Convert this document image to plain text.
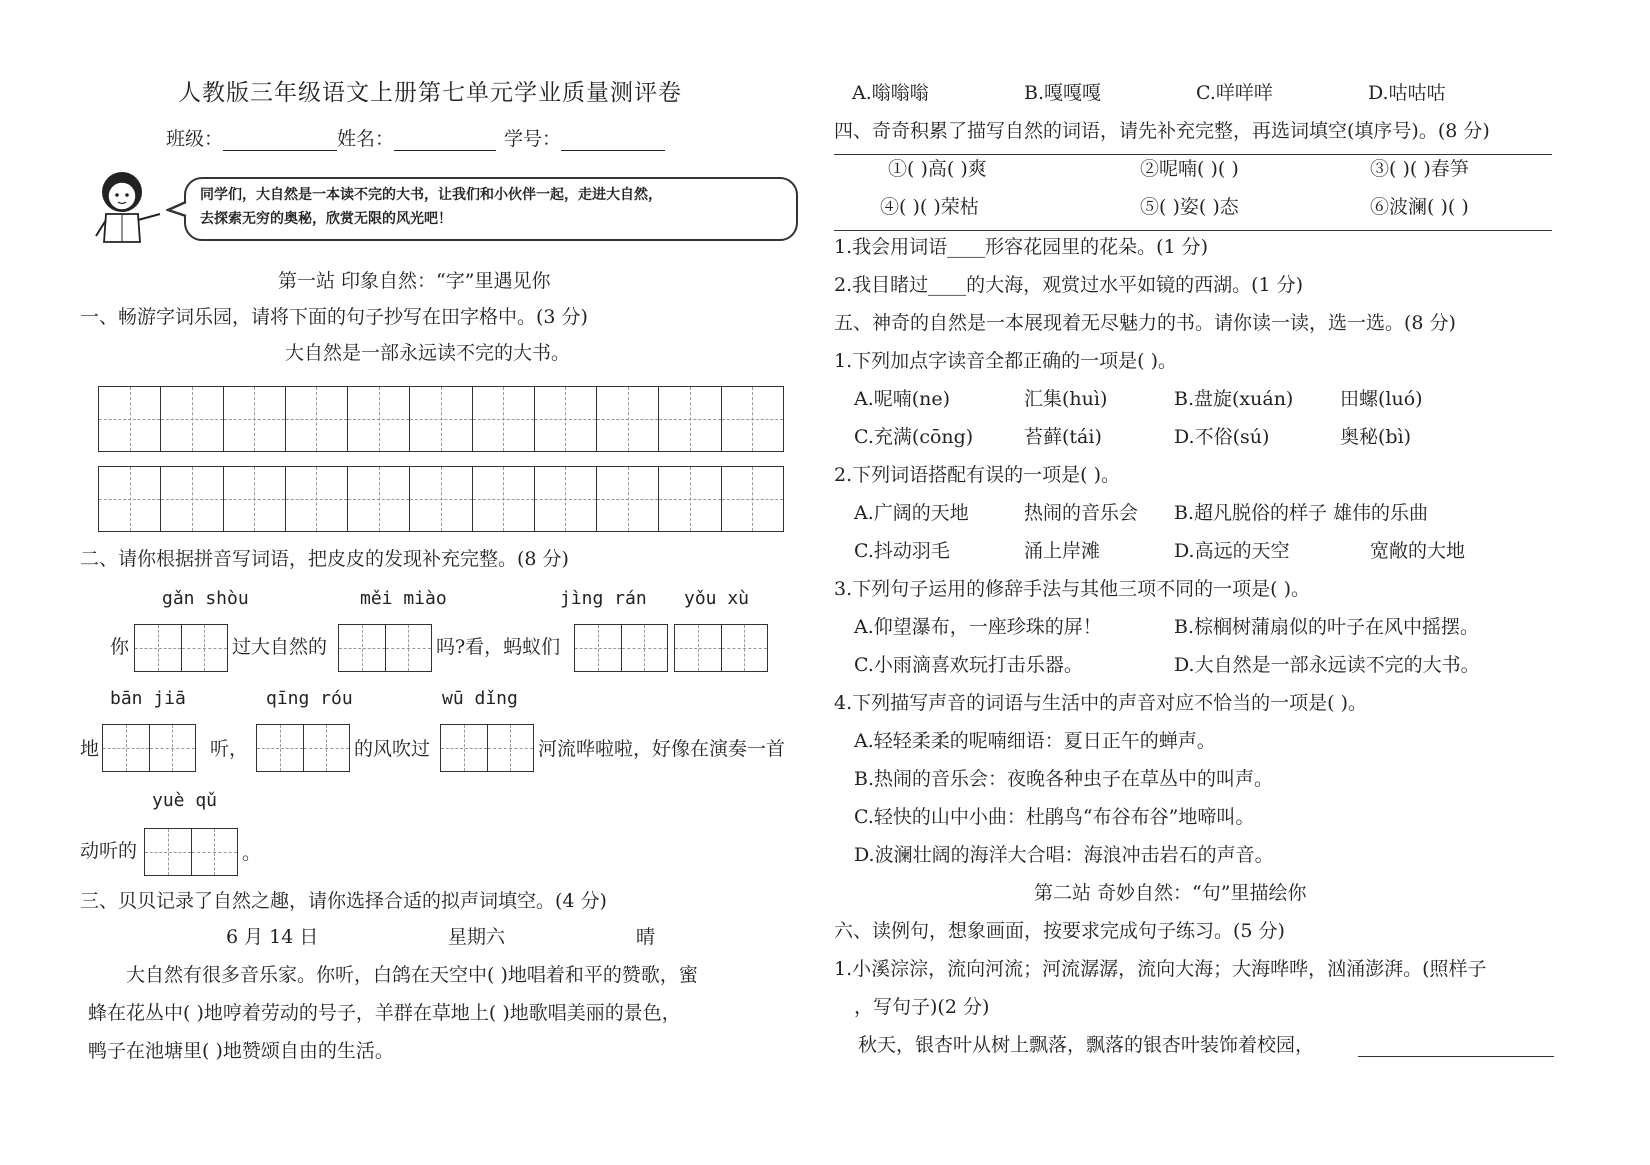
人教版三年级语文上册第七单元学业质量测评卷
班级：	姓名：	学号：
同学们，大自然是一本读不完的大书，让我们和小伙伴一起，走进大自然，
去探索无穷的奥秘，欣赏无限的风光吧！
第一站 印象自然：“字”里遇见你
一、畅游字词乐园，请将下面的句子抄写在田字格中。(3 分)
大自然是一部永远读不完的大书。
二、请你根据拼音写词语，把皮皮的发现补充完整。(8 分)
gǎn shòu	měi miào	jìng rán yǒu xù
你	过大自然的	吗?看，蚂蚁们
bān jiā	qīng róu	wū dǐng
地	听，	的风吹过	河流哗啦啦，好像在演奏一首
yuè qǔ
动听的	。
三、贝贝记录了自然之趣，请你选择合适的拟声词填空。(4 分)
6 月 14 日	星期六	晴
大自然有很多音乐家。你听，白鸽在天空中( )地唱着和平的赞歌，蜜
蜂在花丛中( )地哼着劳动的号子，羊群在草地上( )地歌唱美丽的景色，
鸭子在池塘里( )地赞颂自由的生活。
A.嗡嗡嗡	B.嘎嘎嘎	C.咩咩咩	D.咕咕咕
四、奇奇积累了描写自然的词语，请先补充完整，再选词填空(填序号)。(8 分)
①( )高( )爽	②呢喃( )( )	③( )( )春笋
④( )( )荣枯	⑤( )姿( )态	⑥波澜( )( )
1.我会用词语____形容花园里的花朵。(1 分)
2.我目睹过____的大海，观赏过水平如镜的西湖。(1 分)
五、神奇的自然是一本展现着无尽魅力的书。请你读一读，选一选。(8 分)
1.下列加点字读音全都正确的一项是( )。
A.呢喃(ne)	汇集(huì)	B.盘旋(xuán) 田螺(luó)
C.充满(cōng)	苔藓(tái)	D.不俗(sú)	奥秘(bì)
2.下列词语搭配有误的一项是( )。
A.广阔的天地	热闹的音乐会 B.超凡脱俗的样子 雄伟的乐曲
C.抖动羽毛	涌上岸滩	D.高远的天空	宽敞的大地
3.下列句子运用的修辞手法与其他三项不同的一项是( )。
A.仰望瀑布，一座珍珠的屏！	B.棕榈树蒲扇似的叶子在风中摇摆。
C.小雨滴喜欢玩打击乐器。	D.大自然是一部永远读不完的大书。
4.下列描写声音的词语与生活中的声音对应不恰当的一项是( )。
A.轻轻柔柔的呢喃细语：夏日正午的蝉声。
B.热闹的音乐会：夜晚各种虫子在草丛中的叫声。
C.轻快的山中小曲：杜鹃鸟“布谷布谷”地啼叫。
D.波澜壮阔的海洋大合唱：海浪冲击岩石的声音。
第二站 奇妙自然：“句”里描绘你
六、读例句，想象画面，按要求完成句子练习。(5 分)
1.小溪淙淙，流向河流；河流潺潺，流向大海；大海哗哗，汹涌澎湃。(照样子
，写句子)(2 分)
秋天，银杏叶从树上飘落，飘落的银杏叶装饰着校园，
